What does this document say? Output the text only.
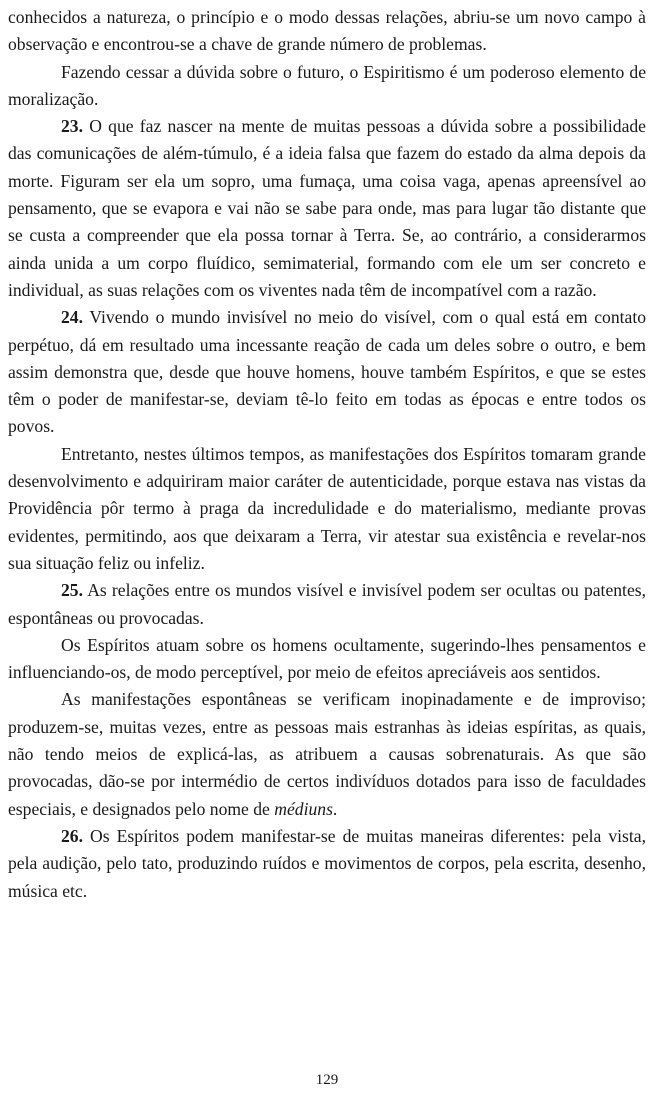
conhecidos a natureza, o princípio e o modo dessas relações, abriu-se um novo campo à observação e encontrou-se a chave de grande número de problemas.

Fazendo cessar a dúvida sobre o futuro, o Espiritismo é um poderoso elemento de moralização.

23. O que faz nascer na mente de muitas pessoas a dúvida sobre a possibilidade das comunicações de além-túmulo, é a ideia falsa que fazem do estado da alma depois da morte. Figuram ser ela um sopro, uma fumaça, uma coisa vaga, apenas apreensível ao pensamento, que se evapora e vai não se sabe para onde, mas para lugar tão distante que se custa a compreender que ela possa tornar à Terra. Se, ao contrário, a considerarmos ainda unida a um corpo fluídico, semimaterial, formando com ele um ser concreto e individual, as suas relações com os viventes nada têm de incompatível com a razão.

24. Vivendo o mundo invisível no meio do visível, com o qual está em contato perpétuo, dá em resultado uma incessante reação de cada um deles sobre o outro, e bem assim demonstra que, desde que houve homens, houve também Espíritos, e que se estes têm o poder de manifestar-se, deviam tê-lo feito em todas as épocas e entre todos os povos.

Entretanto, nestes últimos tempos, as manifestações dos Espíritos tomaram grande desenvolvimento e adquiriram maior caráter de autenticidade, porque estava nas vistas da Providência pôr termo à praga da incredulidade e do materialismo, mediante provas evidentes, permitindo, aos que deixaram a Terra, vir atestar sua existência e revelar-nos sua situação feliz ou infeliz.

25. As relações entre os mundos visível e invisível podem ser ocultas ou patentes, espontâneas ou provocadas.

Os Espíritos atuam sobre os homens ocultamente, sugerindo-lhes pensamentos e influenciando-os, de modo perceptível, por meio de efeitos apreciáveis aos sentidos.

As manifestações espontâneas se verificam inopinadamente e de improviso; produzem-se, muitas vezes, entre as pessoas mais estranhas às ideias espíritas, as quais, não tendo meios de explicá-las, as atribuem a causas sobrenaturais. As que são provocadas, dão-se por intermédio de certos indivíduos dotados para isso de faculdades especiais, e designados pelo nome de médiuns.

26. Os Espíritos podem manifestar-se de muitas maneiras diferentes: pela vista, pela audição, pelo tato, produzindo ruídos e movimentos de corpos, pela escrita, desenho, música etc.

129
